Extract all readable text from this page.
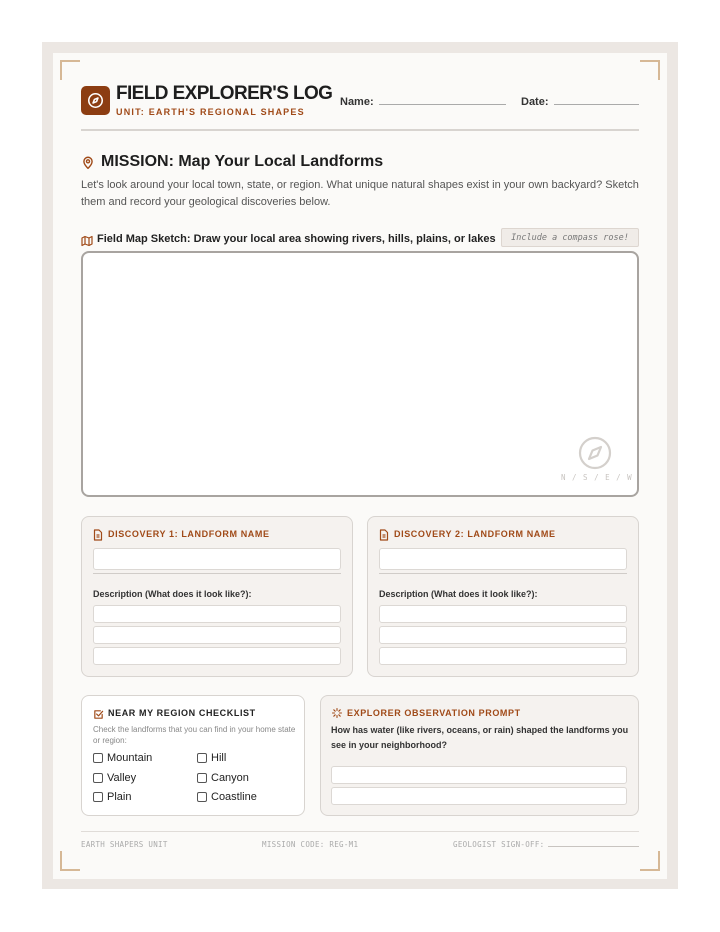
FIELD EXPLORER'S LOG
UNIT: EARTH'S REGIONAL SHAPES
Name:	Date:
MISSION: Map Your Local Landforms
Let's look around your local town, state, or region. What unique natural shapes exist in your own backyard? Sketch them and record your geological discoveries below.
Field Map Sketch: Draw your local area showing rivers, hills, plains, or lakes	Include a compass rose!
N / S / E / W
DISCOVERY 1: LANDFORM NAME
Description (What does it look like?):
DISCOVERY 2: LANDFORM NAME
Description (What does it look like?):
NEAR MY REGION CHECKLIST
Check the landforms that you can find in your home state or region:
Mountain	Hill
Valley	Canyon
Plain	Coastline
EXPLORER OBSERVATION PROMPT
How has water (like rivers, oceans, or rain) shaped the landforms you see in your neighborhood?
EARTH SHAPERS UNIT	MISSION CODE: REG-M1	GEOLOGIST SIGN-OFF:
